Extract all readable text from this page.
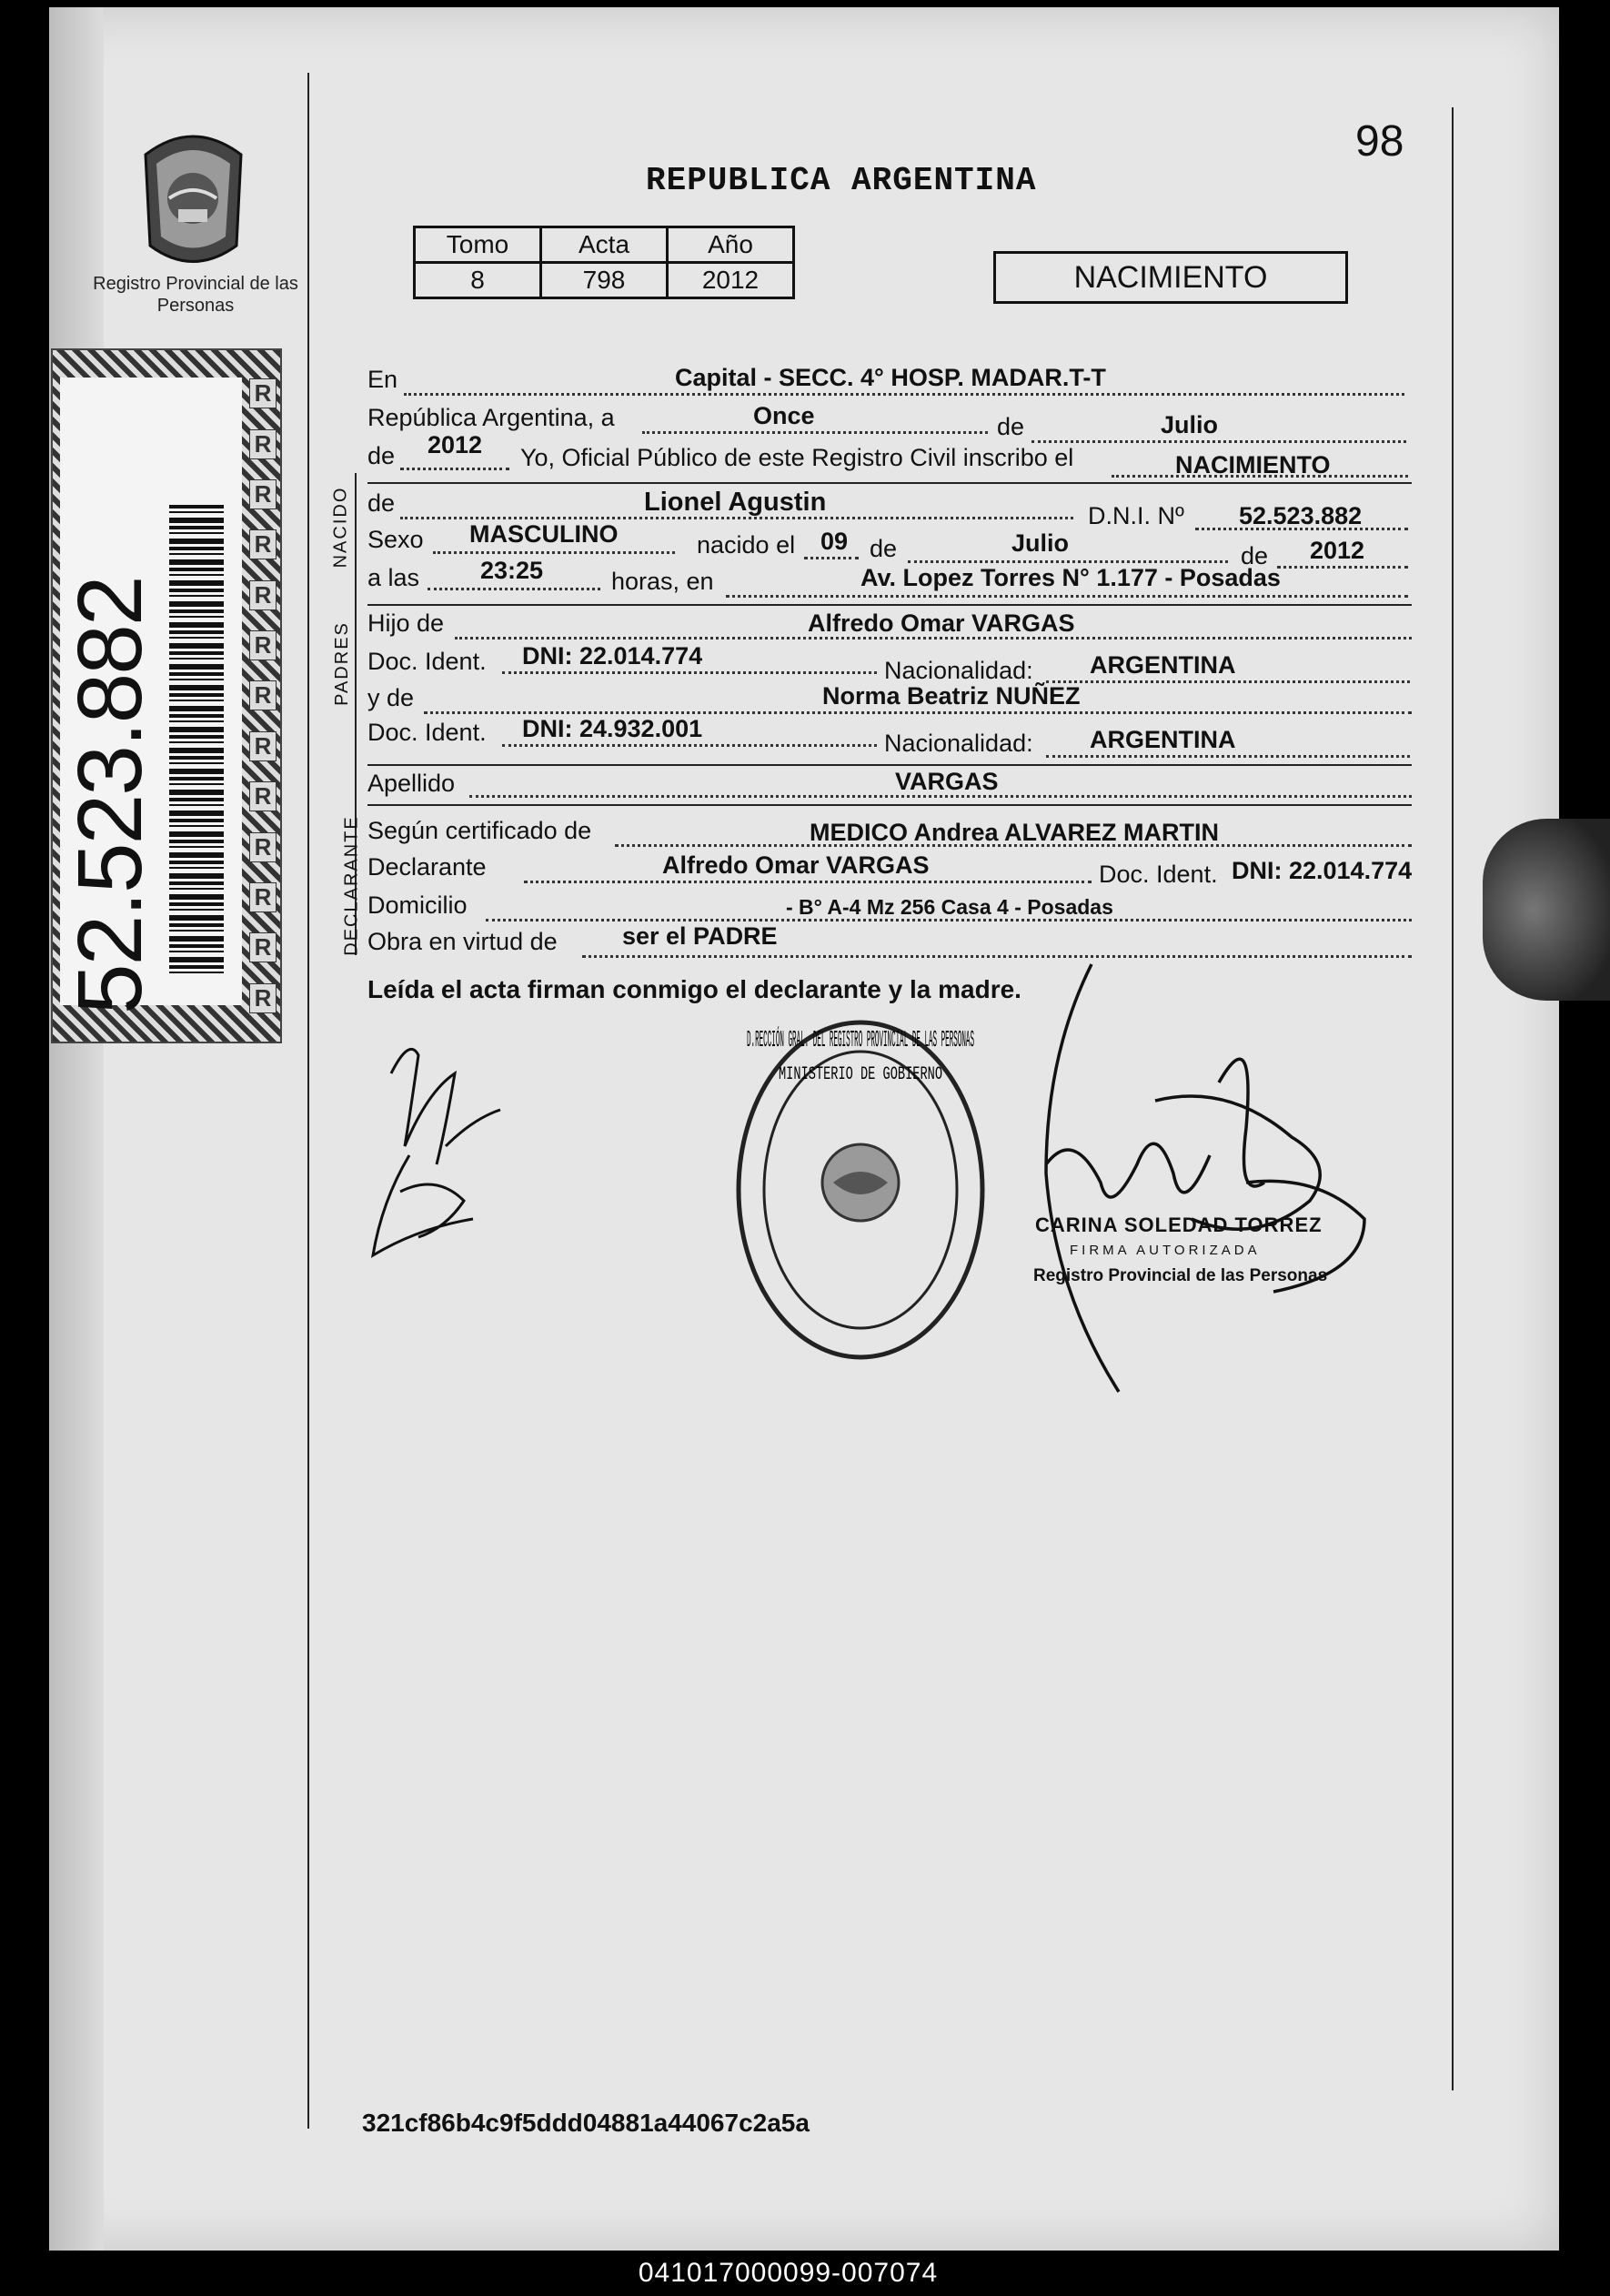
Registro Provincial de las Personas
52.523.882
R
R
R
R
R
R
R
R
R
R
R
R
R
98
REPUBLICA ARGENTINA
Tomo	Acta	Año
8	798	2012	NACIMIENTO
NACIDO
PADRES
DECLARANTE
En	Capital - SECC. 4° HOSP. MADAR.T-T
República Argentina, a	Once	de	Julio
de 2012 Yo, Oficial Público de este Registro Civil inscribo el	NACIMIENTO
de	Lionel Agustin	D.N.I. Nº 52.523.882
Sexo MASCULINO	nacido el 09 de	Julio	de 2012
a las 23:25	horas, en	Av. Lopez Torres N° 1.177 - Posadas
Hijo de	Alfredo Omar VARGAS
Doc. Ident. DNI: 22.014.774
Nacionalidad: ARGENTINA
y de	Norma Beatriz NUÑEZ
Doc. Ident. DNI: 24.932.001
Nacionalidad: ARGENTINA
Apellido	VARGAS
Según certificado de	MEDICO Andrea ALVAREZ MARTIN
Declarante	Alfredo Omar VARGAS	Doc. Ident. DNI: 22.014.774
Domicilio	- B° A-4 Mz 256 Casa 4 - Posadas
Obra en virtud de	ser el PADRE
Leída el acta firman conmigo el declarante y la madre.
D.RECCIÓN GRAL. DEL REGISTRO PROVINCIAL DE LAS PERSONAS
MINISTERIO DE GOBIERNO
CARINA SOLEDAD TORREZ
FIRMA AUTORIZADA
Registro Provincial de las Personas
321cf86b4c9f5ddd04881a44067c2a5a
041017000099-007074
